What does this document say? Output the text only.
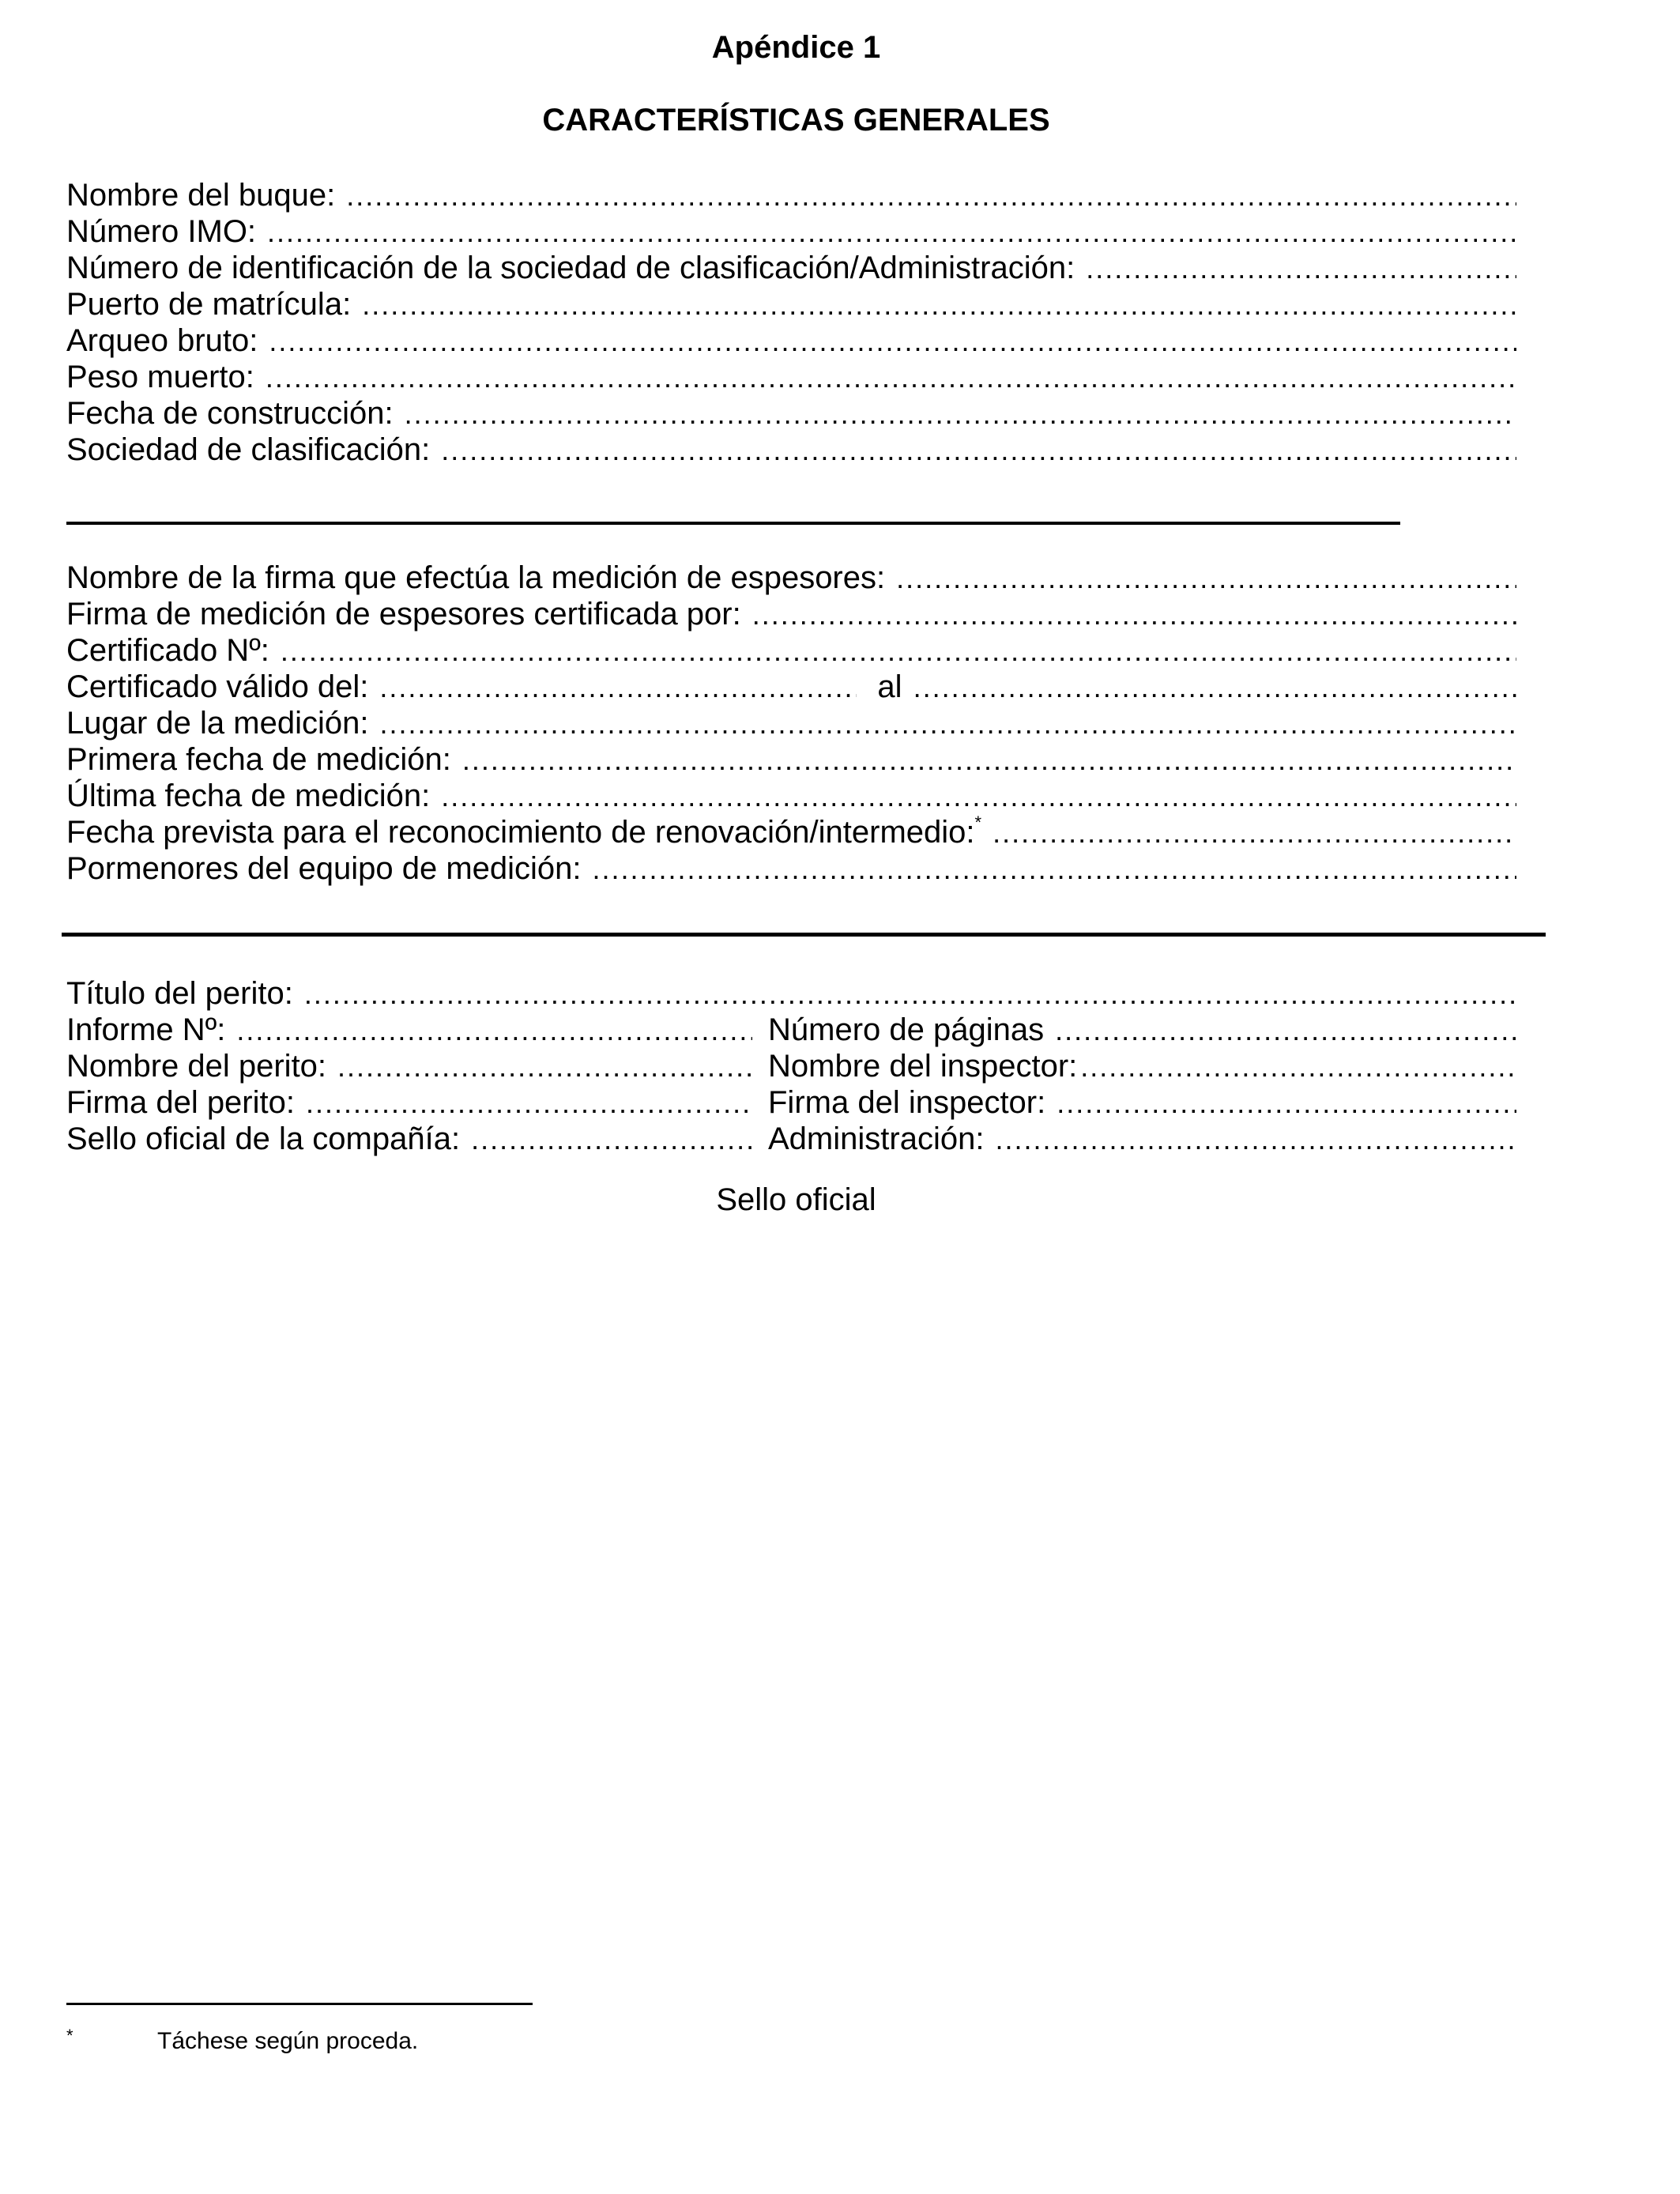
Apéndice 1
CARACTERÍSTICAS GENERALES
Nombre del buque:
.....
Número IMO:
.....
Número de identificación de la sociedad de clasificación/Administración:
.....
Puerto de matrícula:
.....
Arqueo bruto:
.....
Peso muerto:
.....
Fecha de construcción:
.....
Sociedad de clasificación:
.....
Nombre de la firma que efectúa la medición de espesores:
.....
Firma de medición de espesores certificada por:
.....
Certificado Nº:
.....
Certificado válido del: .....	al
.....
Lugar de la medición:
.....
Primera fecha de medición:
.....
Última fecha de medición:
.....
Fecha prevista para el reconocimiento de renovación/intermedio:*
.....
Pormenores del equipo de medición:
.....
Título del perito:
.....
Informe Nº: .....	Número de páginas
.....
Nombre del perito: .....	Nombre del inspector:
.....
Firma del perito: .....	Firma del inspector:
.....
Sello oficial de la compañía: .....	Administración:
.....

Sello oficial

*	Táchese según proceda.
